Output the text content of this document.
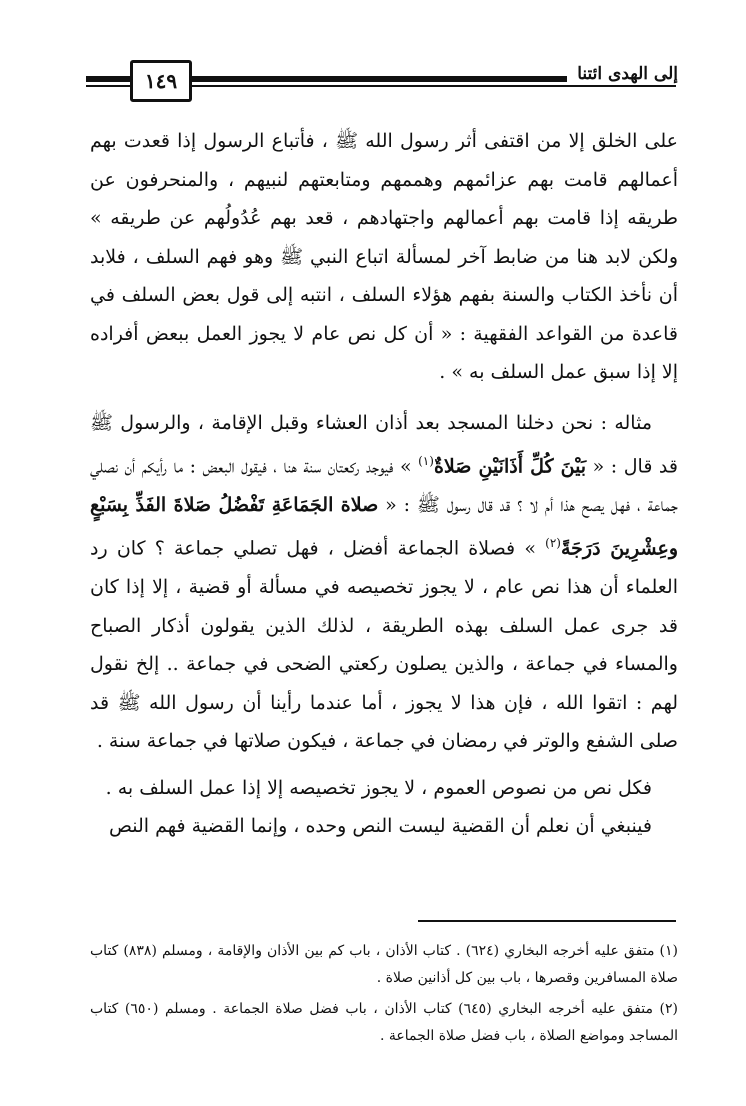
١٤٩	إلى الهدى ائتنا

على الخلق إلا من اقتفى أثر رسول الله ﷺ ، فأتباع الرسول إذا قعدت بهم أعمالهم قامت بهم عزائمهم وهممهم ومتابعتهم لنبيهم ، والمنحرفون عن طريقه إذا قامت بهم أعمالهم واجتهادهم ، قعد بهم عُدُولُهم عن طريقه » ولكن لابد هنا من ضابط آخر لمسألة اتباع النبي ﷺ وهو فهم السلف ، فلابد أن نأخذ الكتاب والسنة بفهم هؤلاء السلف ، انتبه إلى قول بعض السلف في قاعدة من القواعد الفقهية : « أن كل نص عام لا يجوز العمل ببعض أفراده إلا إذا سبق عمل السلف به » .

مثاله : نحن دخلنا المسجد بعد أذان العشاء وقبل الإقامة ، والرسول ﷺ قد قال : « بَيْنَ كُلِّ أَذَانَيْنِ صَلاةٌ$^{(١)}$ » فيوجد ركعتان سنة هنا ، فيقول البعض : ما رأيكم أن نصلي جماعة ، فهل يصح هذا أم لا ؟ قد قال رسول ﷺ : « صلاة الجَمَاعَةِ تَفْضُلُ صَلاةَ الفَذِّ بِسَبْعٍ وعِشْرِينَ دَرَجَةً$^{(٢)}$ » فصلاة الجماعة أفضل ، فهل تصلي جماعة ؟ كان رد العلماء أن هذا نص عام ، لا يجوز تخصيصه في مسألة أو قضية ، إلا إذا كان قد جرى عمل السلف بهذه الطريقة ، لذلك الذين يقولون أذكار الصباح والمساء في جماعة ، والذين يصلون ركعتي الضحى في جماعة .. إلخ نقول لهم : اتقوا الله ، فإن هذا لا يجوز ، أما عندما رأينا أن رسول الله ﷺ قد صلى الشفع والوتر في رمضان في جماعة ، فيكون صلاتها في جماعة سنة .

فكل نص من نصوص العموم ، لا يجوز تخصيصه إلا إذا عمل السلف به .

فينبغي أن نعلم أن القضية ليست النص وحده ، وإنما القضية فهم النص

(١) متفق عليه أخرجه البخاري (٦٢٤) . كتاب الأذان ، باب كم بين الأذان والإقامة ، ومسلم (٨٣٨) كتاب صلاة المسافرين وقصرها ، باب بين كل أذانين صلاة .

(٢) متفق عليه أخرجه البخاري (٦٤٥) كتاب الأذان ، باب فضل صلاة الجماعة . ومسلم (٦٥٠) كتاب المساجد ومواضع الصلاة ، باب فضل صلاة الجماعة .
